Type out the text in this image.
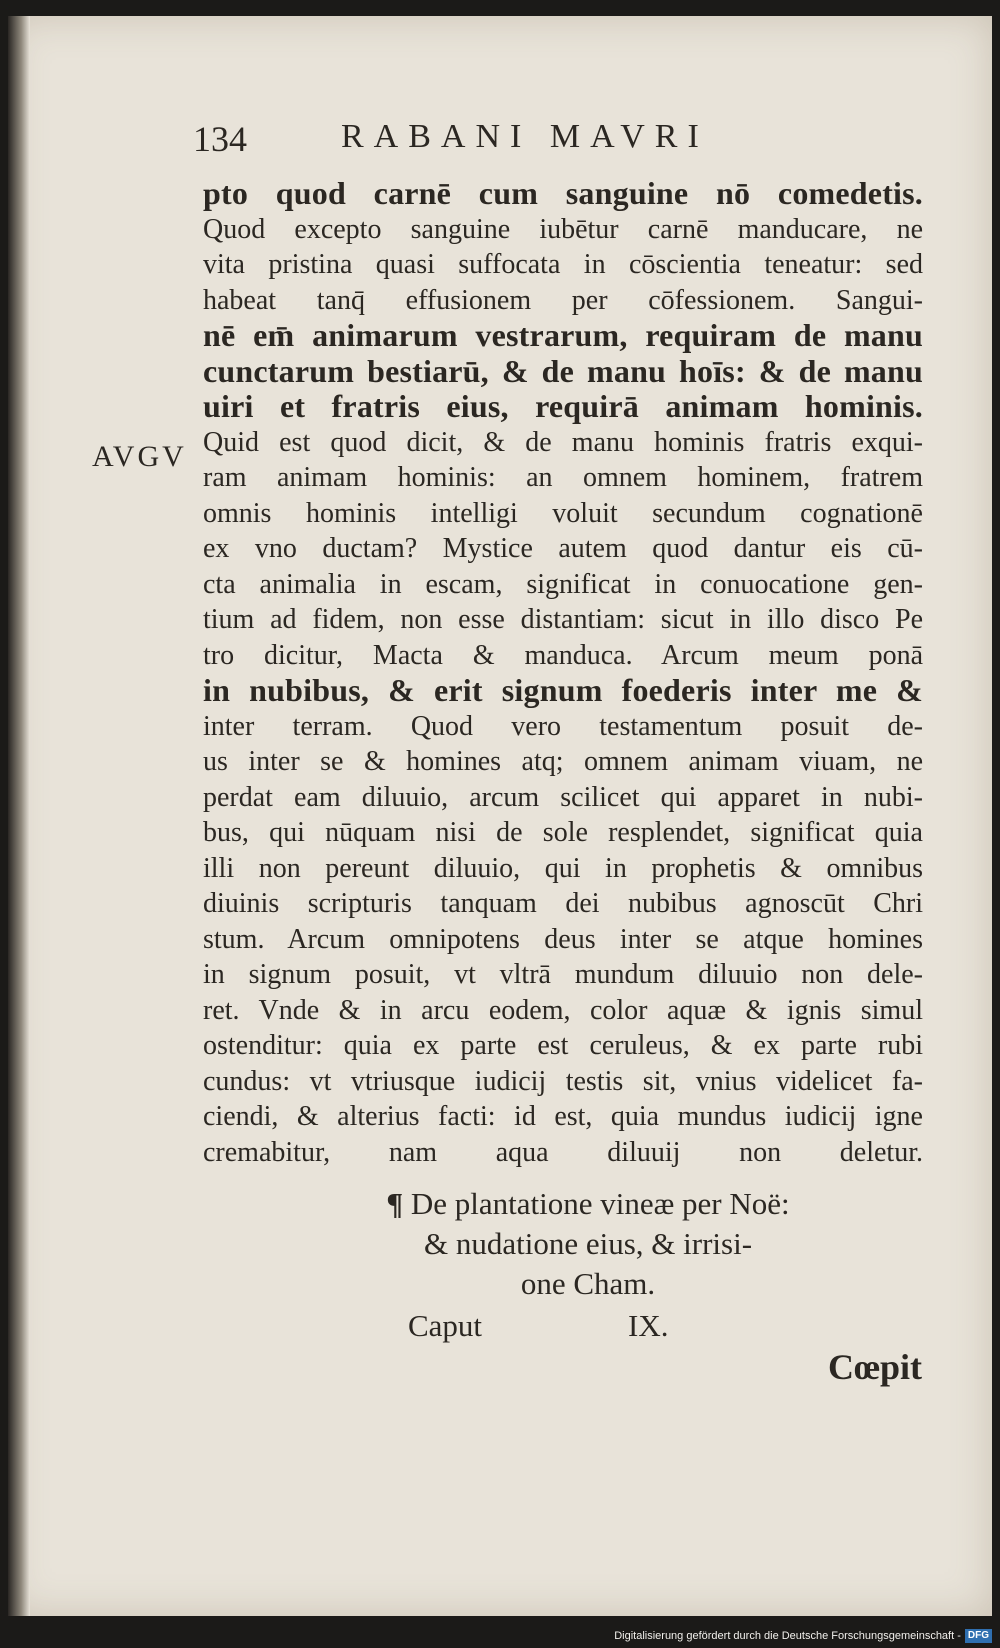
134	RABANI MAVRI
AVGV
pto quod carnē cum sanguine nō comedetis.
Quod excepto sanguine iubētur carnē manducare, ne
vita pristina quasi suffocata in cōscientia teneatur: sed
habeat tanq̄ effusionem per cōfessionem. Sangui-
nē em̄ animarum vestrarum, requiram de manu
cunctarum bestiarū, & de manu hoīs: & de manu
uiri et fratris eius, requirā animam hominis.
Quid est quod dicit, & de manu hominis fratris exqui-
ram animam hominis: an omnem hominem, fratrem
omnis hominis intelligi voluit secundum cognationē
ex vno ductam? Mystice autem quod dantur eis cū-
cta animalia in escam, significat in conuocatione gen-
tium ad fidem, non esse distantiam: sicut in illo disco Pe
tro dicitur, Macta & manduca. Arcum meum ponā
in nubibus, & erit signum foederis inter me &
inter terram. Quod vero testamentum posuit de-
us inter se & homines atq; omnem animam viuam, ne
perdat eam diluuio, arcum scilicet qui apparet in nubi-
bus, qui nūquam nisi de sole resplendet, significat quia
illi non pereunt diluuio, qui in prophetis & omnibus
diuinis scripturis tanquam dei nubibus agnoscūt Chri
stum. Arcum omnipotens deus inter se atque homines
in signum posuit, vt vltrā mundum diluuio non dele-
ret. Vnde & in arcu eodem, color aquæ & ignis simul
ostenditur: quia ex parte est ceruleus, & ex parte rubi
cundus: vt vtriusque iudicij testis sit, vnius videlicet fa-
ciendi, & alterius facti: id est, quia mundus iudicij igne
cremabitur, nam aqua diluuij non deletur.
¶ De plantatione vineæ per Noë:
& nudatione eius, & irrisi-
one Cham.
Caput	IX.
Cœpit
Digitalisierung gefördert durch die Deutsche Forschungsgemeinschaft - DFG
